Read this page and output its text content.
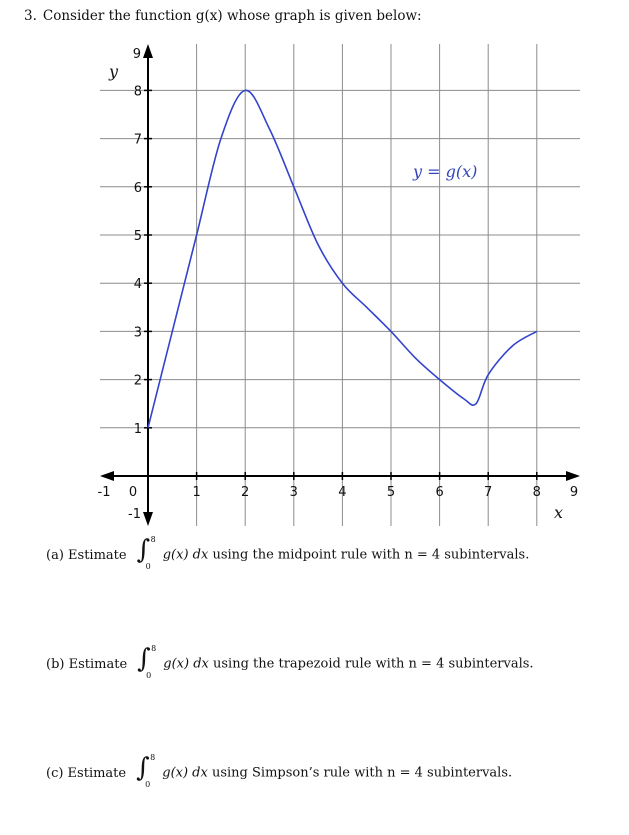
3. Consider the function g(x) whose graph is given below:
-1 0	1	2	3	4	5	6	7	8 9
-1
1
2
3
4
5
6
7
8
9
y = g(x)
y
x
(a) Estimate ∫ 8
0
g(x) dx using the midpoint rule with n = 4 subintervals.
(b) Estimate ∫ 8
0
g(x) dx using the trapezoid rule with n = 4 subintervals.
(c) Estimate ∫ 8
0
g(x) dx using Simpson’s rule with n = 4 subintervals.
